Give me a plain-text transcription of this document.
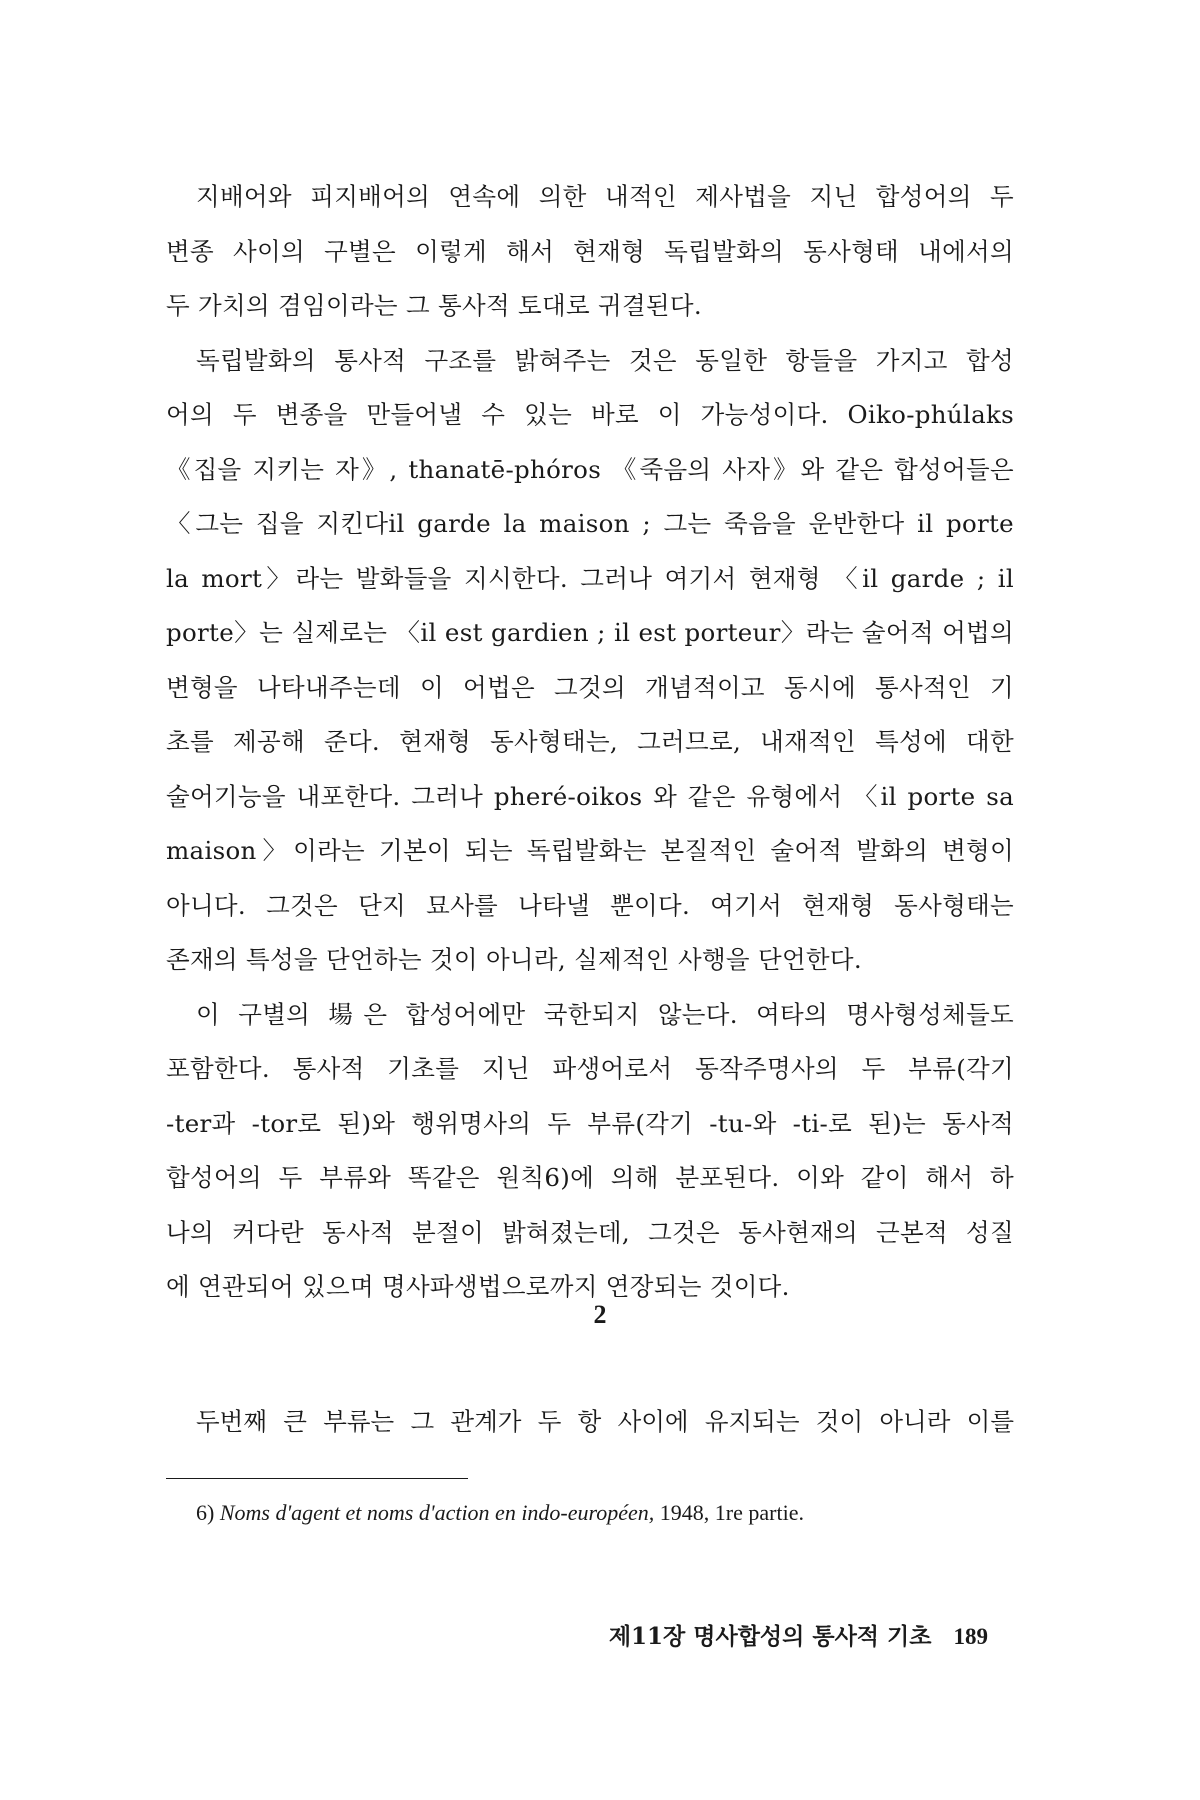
지배어와 피지배어의 연속에 의한 내적인 제사법을 지닌 합성어의 두
변종 사이의 구별은 이렇게 해서 현재형 독립발화의 동사형태 내에서의
두 가치의 겸임이라는 그 통사적 토대로 귀결된다.
독립발화의 통사적 구조를 밝혀주는 것은 동일한 항들을 가지고 합성
어의 두 변종을 만들어낼 수 있는 바로 이 가능성이다. Oiko-phúlaks
《집을 지키는 자》, thanatē-phóros 《죽음의 사자》와 같은 합성어들은
〈그는 집을 지킨다il garde la maison ; 그는 죽음을 운반한다 il porte
la mort〉라는 발화들을 지시한다. 그러나 여기서 현재형 〈il garde ; il
porte〉는 실제로는 〈il est gardien ; il est porteur〉라는 술어적 어법의
변형을 나타내주는데 이 어법은 그것의 개념적이고 동시에 통사적인 기
초를 제공해 준다. 현재형 동사형태는, 그러므로, 내재적인 특성에 대한
술어기능을 내포한다. 그러나 pheré-oikos 와 같은 유형에서 〈il porte sa
maison〉이라는 기본이 되는 독립발화는 본질적인 술어적 발화의 변형이
아니다. 그것은 단지 묘사를 나타낼 뿐이다. 여기서 현재형 동사형태는
존재의 특성을 단언하는 것이 아니라, 실제적인 사행을 단언한다.
이 구별의 場은 합성어에만 국한되지 않는다. 여타의 명사형성체들도
포함한다. 통사적 기초를 지닌 파생어로서 동작주명사의 두 부류(각기
-ter과 -tor로 된)와 행위명사의 두 부류(각기 -tu-와 -ti-로 된)는 동사적
합성어의 두 부류와 똑같은 원칙6)에 의해 분포된다. 이와 같이 해서 하
나의 커다란 동사적 분절이 밝혀졌는데, 그것은 동사현재의 근본적 성질
에 연관되어 있으며 명사파생법으로까지 연장되는 것이다.
2
두번째 큰 부류는 그 관계가 두 항 사이에 유지되는 것이 아니라 이를
6) Noms d'agent et noms d'action en indo-européen, 1948, 1re partie.
제11장 명사합성의 통사적 기초 189
